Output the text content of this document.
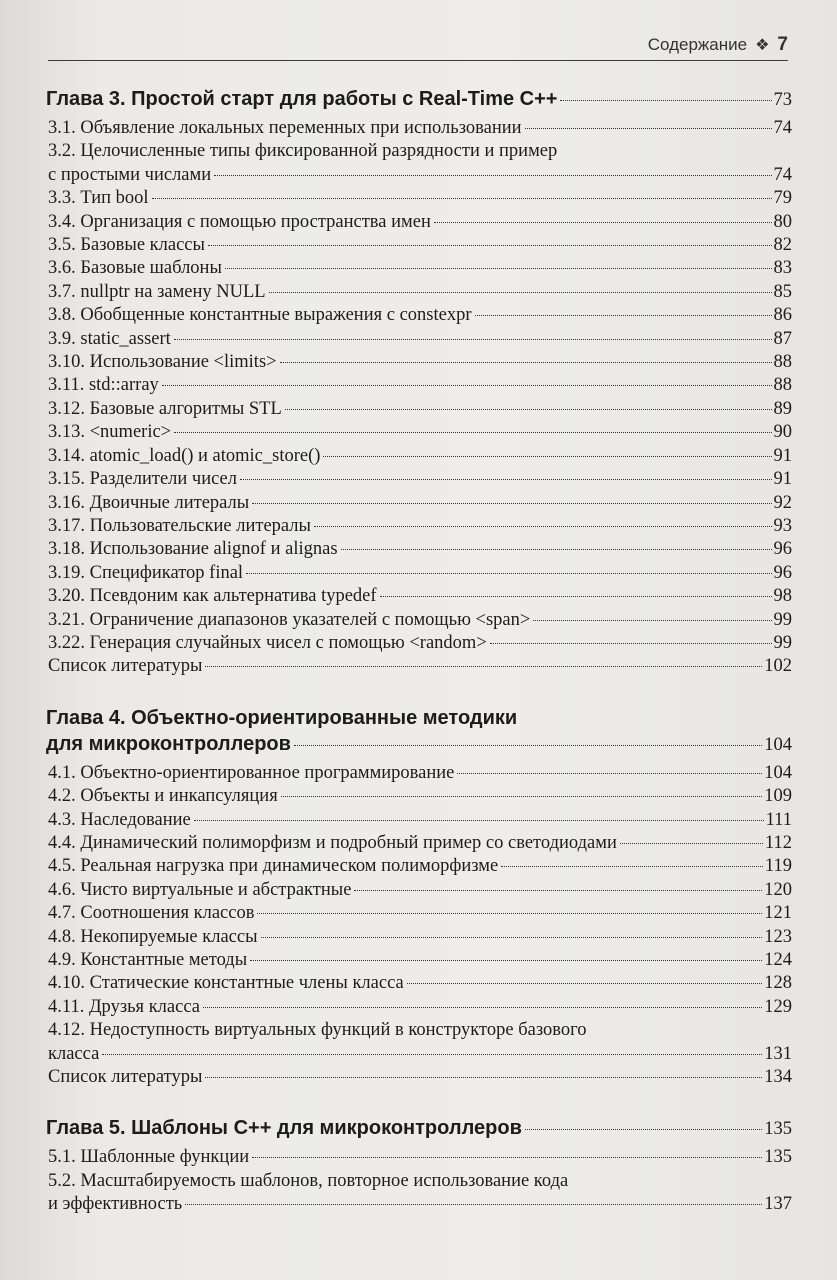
Содержание ❖ 7
Глава 3. Простой старт для работы с Real-Time C++	73
3.1. Объявление локальных переменных при использовании	74
3.2. Целочисленные типы фиксированной разрядности и пример
с простыми числами	74
3.3. Тип bool	79
3.4. Организация с помощью пространства имен	80
3.5. Базовые классы	82
3.6. Базовые шаблоны	83
3.7. nullptr на замену NULL	85
3.8. Обобщенные константные выражения с constexpr	86
3.9. static_assert	87
3.10. Использование <limits>	88
3.11. std::array	88
3.12. Базовые алгоритмы STL	89
3.13. <numeric>	90
3.14. atomic_load() и atomic_store()	91
3.15. Разделители чисел	91
3.16. Двоичные литералы	92
3.17. Пользовательские литералы	93
3.18. Использование alignof и alignas	96
3.19. Спецификатор final	96
3.20. Псевдоним как альтернатива typedef	98
3.21. Ограничение диапазонов указателей с помощью <span>	99
3.22. Генерация случайных чисел с помощью <random>	99
Список литературы	102
Глава 4. Объектно-ориентированные методики
для микроконтроллеров	104
4.1. Объектно-ориентированное программирование	104
4.2. Объекты и инкапсуляция	109
4.3. Наследование	111
4.4. Динамический полиморфизм и подробный пример со светодиодами	112
4.5. Реальная нагрузка при динамическом полиморфизме	119
4.6. Чисто виртуальные и абстрактные	120
4.7. Соотношения классов	121
4.8. Некопируемые классы	123
4.9. Константные методы	124
4.10. Статические константные члены класса	128
4.11. Друзья класса	129
4.12. Недоступность виртуальных функций в конструкторе базового
класса	131
Список литературы	134
Глава 5. Шаблоны C++ для микроконтроллеров	135
5.1. Шаблонные функции	135
5.2. Масштабируемость шаблонов, повторное использование кода
и эффективность	137
